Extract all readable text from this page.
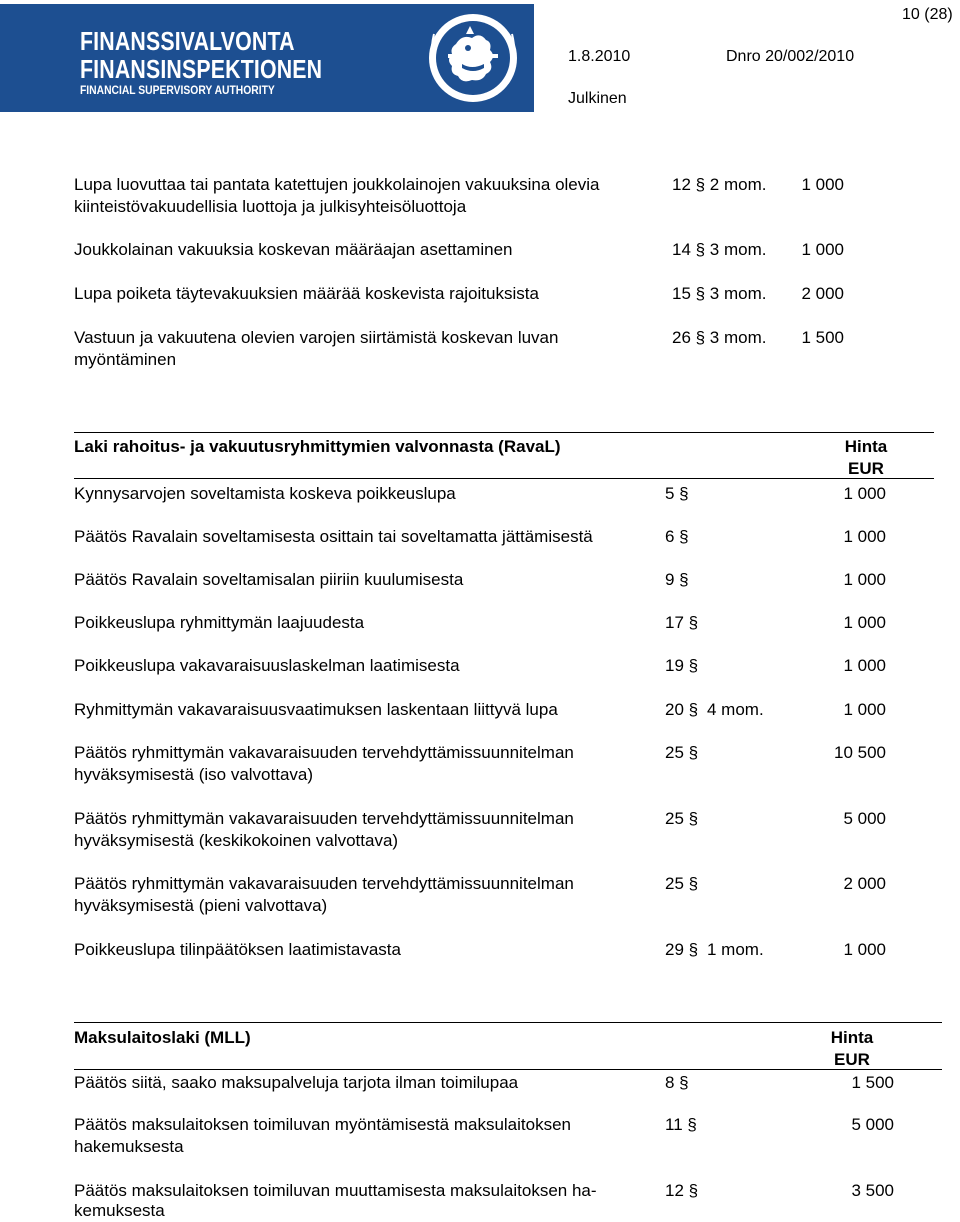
FINANSSIVALVONTA
FINANSINSPEKTIONEN
FINANCIAL SUPERVISORY AUTHORITY
10 (28)
1.8.2010	Dnro 20/002/2010
Julkinen
Lupa luovuttaa tai pantata katettujen joukkolainojen vakuuksina olevia
kiinteistövakuudellisia luottoja ja julkisyhteisöluottoja
12 § 2 mom.	1 000
Joukkolainan vakuuksia koskevan määräajan asettaminen	14 § 3 mom.	1 000
Lupa poiketa täytevakuuksien määrää koskevista rajoituksista	15 § 3 mom.	2 000
Vastuun ja vakuutena olevien varojen siirtämistä koskevan luvan
myöntäminen
26 § 3 mom.	1 500
Laki rahoitus- ja vakuutusryhmittymien valvonnasta (RavaL)	Hinta
EUR
Kynnysarvojen soveltamista koskeva poikkeuslupa	5 §	1 000
Päätös Ravalain soveltamisesta osittain tai soveltamatta jättämisestä	6 §	1 000
Päätös Ravalain soveltamisalan piiriin kuulumisesta	9 §	1 000
Poikkeuslupa ryhmittymän laajuudesta	17 §	1 000
Poikkeuslupa vakavaraisuuslaskelman laatimisesta	19 §	1 000
Ryhmittymän vakavaraisuusvaatimuksen laskentaan liittyvä lupa	20 § 4 mom.	1 000
Päätös ryhmittymän vakavaraisuuden tervehdyttämissuunnitelman
hyväksymisestä (iso valvottava)
25 §	10 500
Päätös ryhmittymän vakavaraisuuden tervehdyttämissuunnitelman
hyväksymisestä (keskikokoinen valvottava)
25 §	5 000
Päätös ryhmittymän vakavaraisuuden tervehdyttämissuunnitelman
hyväksymisestä (pieni valvottava)
25 §	2 000
Poikkeuslupa tilinpäätöksen laatimistavasta	29 § 1 mom.	1 000
Maksulaitoslaki (MLL)	Hinta
EUR
Päätös siitä, saako maksupalveluja tarjota ilman toimilupaa	8 §	1 500
Päätös maksulaitoksen toimiluvan myöntämisestä maksulaitoksen
hakemuksesta
11 §	5 000
Päätös maksulaitoksen toimiluvan muuttamisesta maksulaitoksen ha-
kemuksesta
12 §	3 500
